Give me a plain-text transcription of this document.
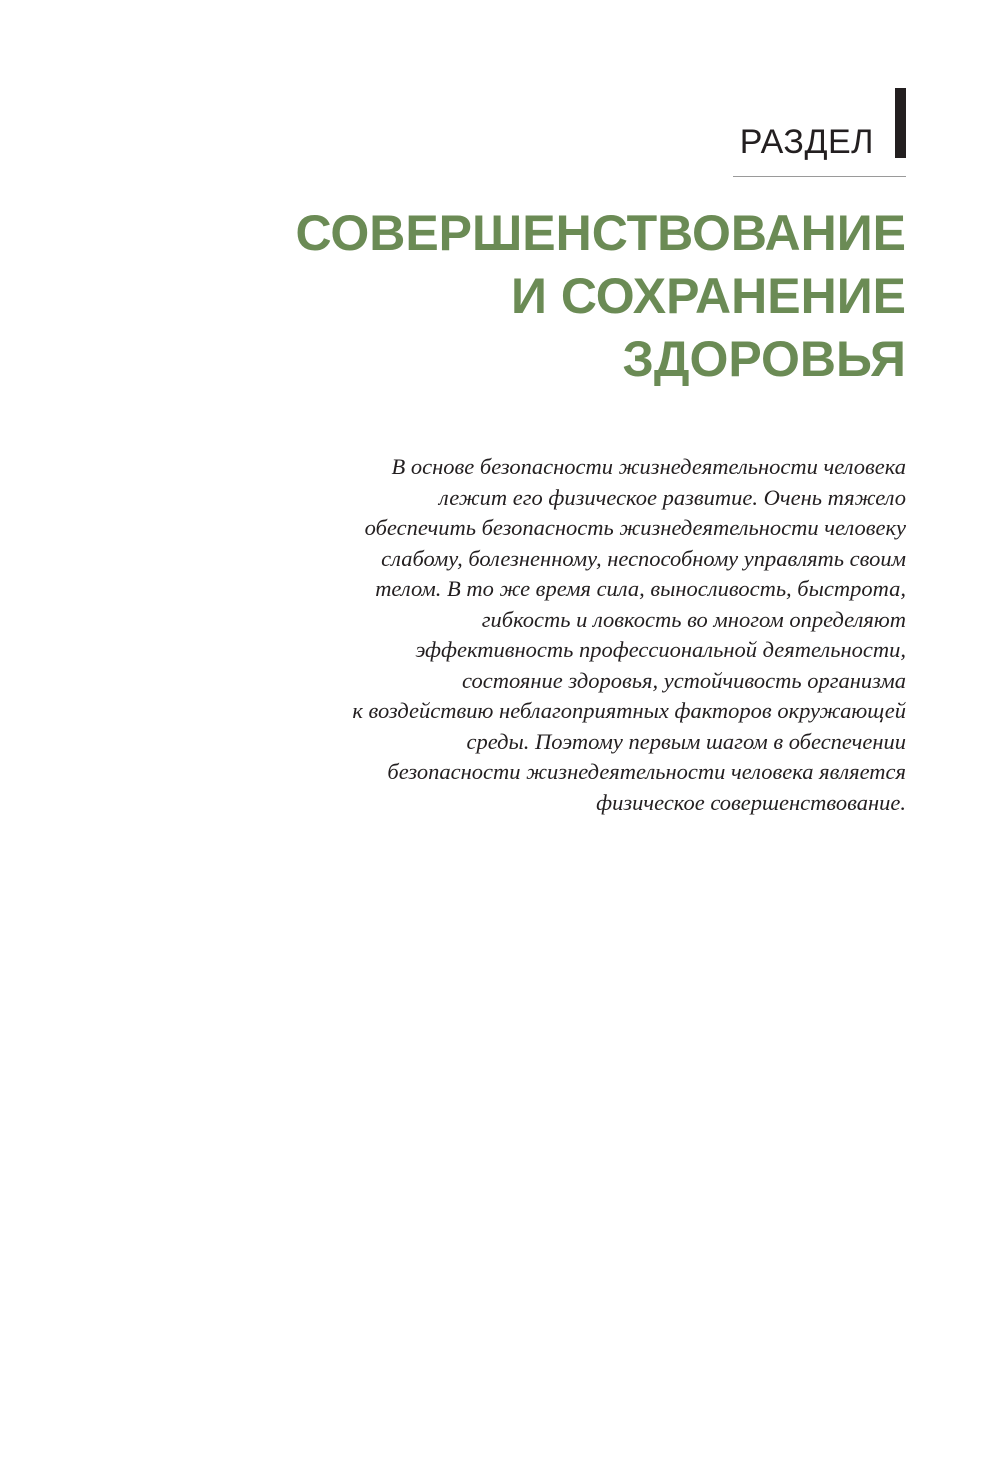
РАЗДЕЛ
СОВЕРШЕНСТВОВАНИЕ
И СОХРАНЕНИЕ
ЗДОРОВЬЯ

В основе безопасности жизнедеятельности человека
лежит его физическое развитие. Очень тяжело
обеспечить безопасность жизнедеятельности человеку
слабому, болезненному, неспособному управлять своим
телом. В то же время сила, выносливость, быстрота,
гибкость и ловкость во многом определяют
эффективность профессиональной деятельности,
состояние здоровья, устойчивость организма
к воздействию неблагоприятных факторов окружающей
среды. Поэтому первым шагом в обеспечении
безопасности жизнедеятельности человека является
физическое совершенствование.
